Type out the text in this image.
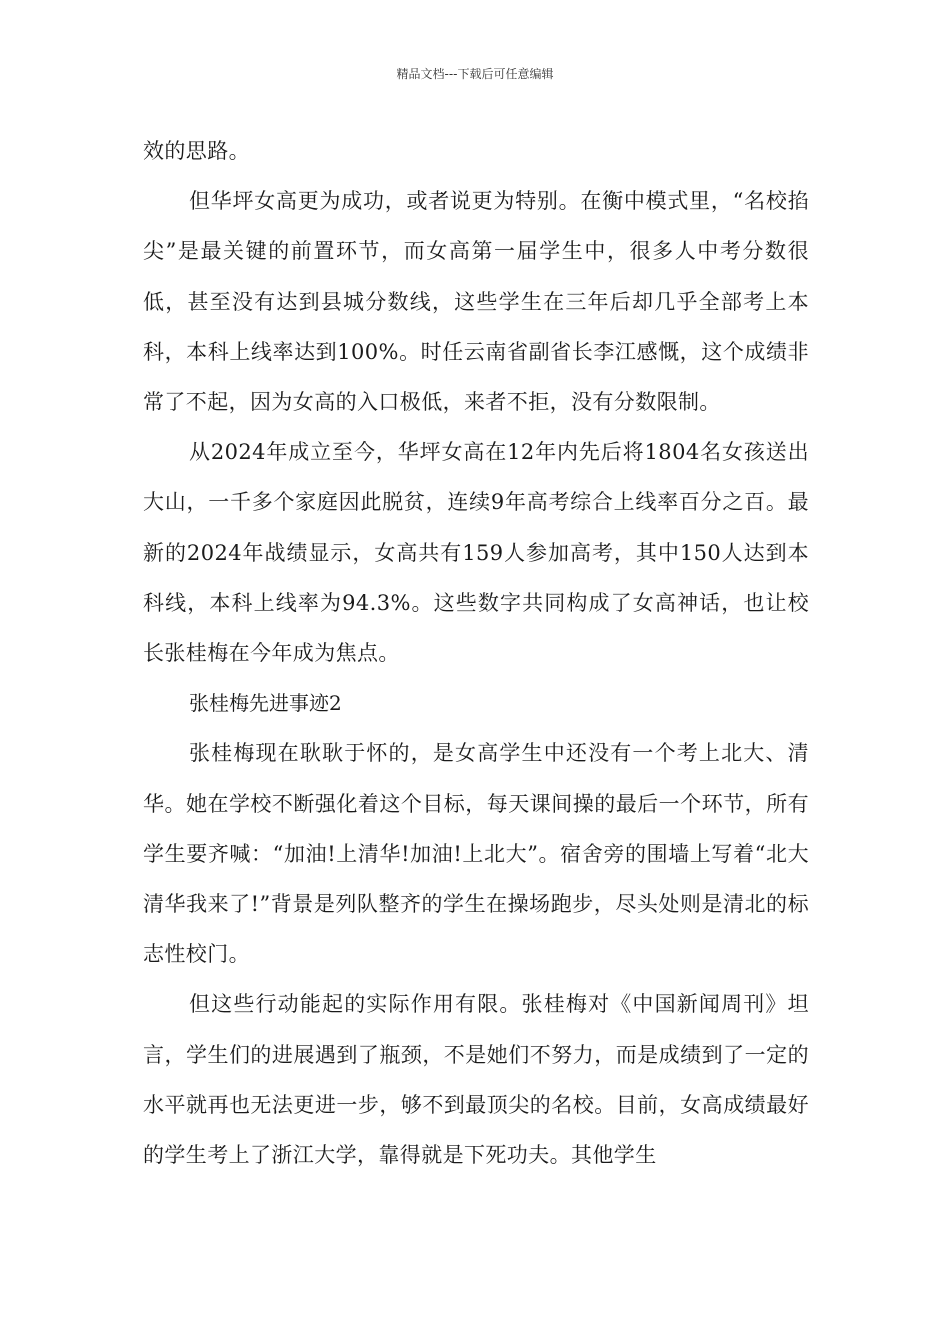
精品文档---下载后可任意编辑

效的思路。

但华坪女高更为成功，或者说更为特别。在衡中模式里，“名校掐尖”是最关键的前置环节，而女高第一届学生中，很多人中考分数很低，甚至没有达到县城分数线，这些学生在三年后却几乎全部考上本科，本科上线率达到100%。时任云南省副省长李江感慨，这个成绩非常了不起，因为女高的入口极低，来者不拒，没有分数限制。

从2024年成立至今，华坪女高在12年内先后将1804名女孩送出大山，一千多个家庭因此脱贫，连续9年高考综合上线率百分之百。最新的2024年战绩显示，女高共有159人参加高考，其中150人达到本科线，本科上线率为94.3%。这些数字共同构成了女高神话，也让校长张桂梅在今年成为焦点。

张桂梅先进事迹2

张桂梅现在耿耿于怀的，是女高学生中还没有一个考上北大、清华。她在学校不断强化着这个目标，每天课间操的最后一个环节，所有学生要齐喊：“加油!上清华!加油!上北大”。宿舍旁的围墙上写着“北大清华我来了!”背景是列队整齐的学生在操场跑步，尽头处则是清北的标志性校门。

但这些行动能起的实际作用有限。张桂梅对《中国新闻周刊》坦言，学生们的进展遇到了瓶颈，不是她们不努力，而是成绩到了一定的水平就再也无法更进一步，够不到最顶尖的名校。目前，女高成绩最好的学生考上了浙江大学，靠得就是下死功夫。其他学生
